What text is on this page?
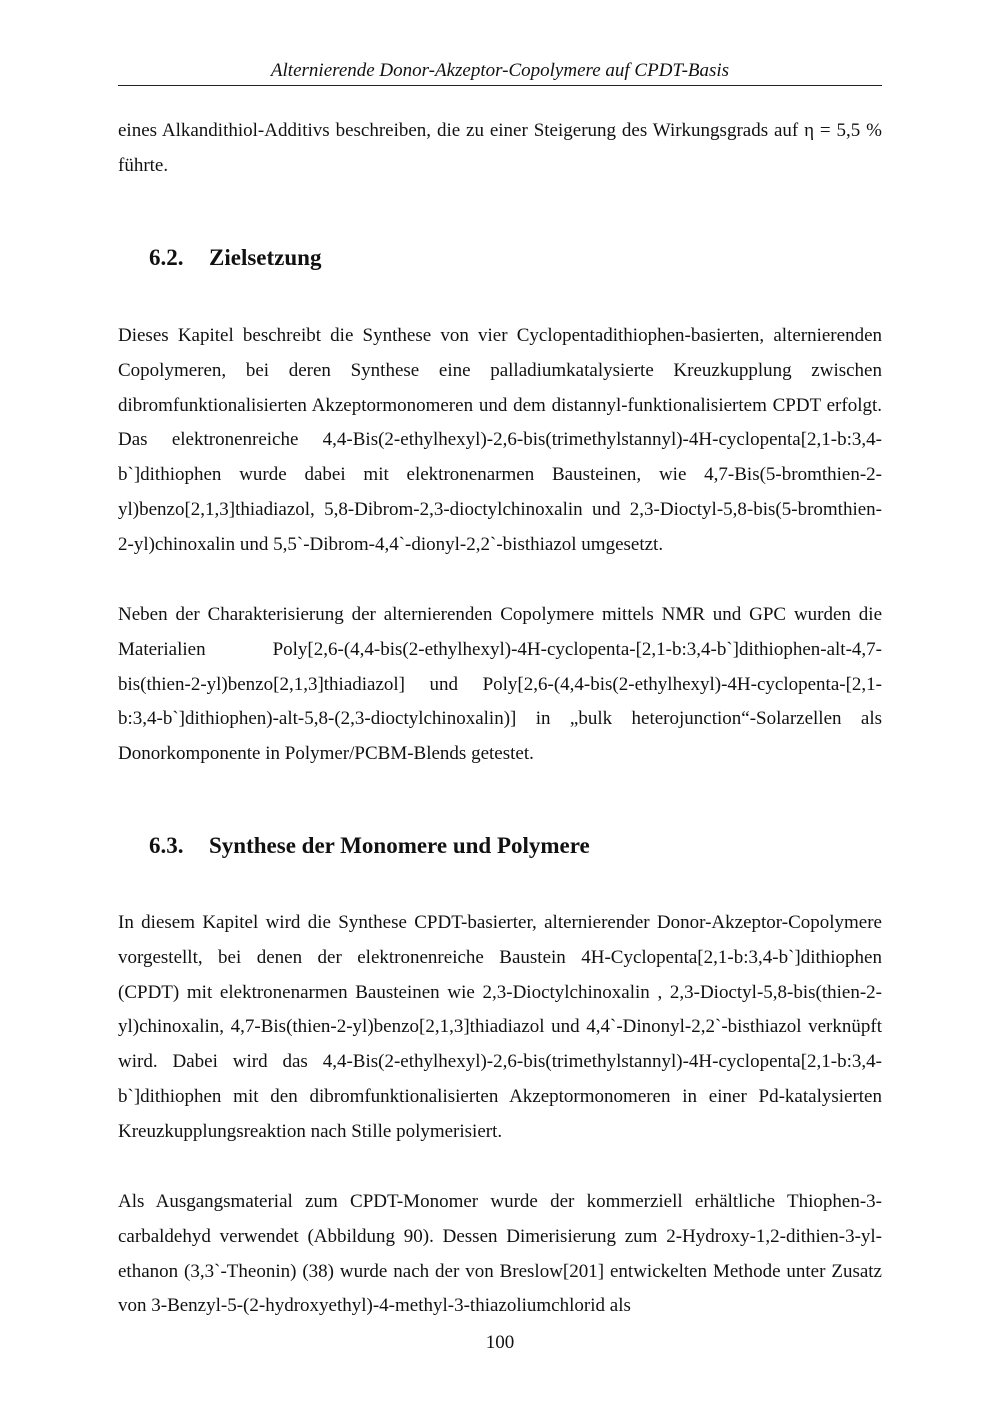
Alternierende Donor-Akzeptor-Copolymere auf CPDT-Basis

eines Alkandithiol-Additivs beschreiben, die zu einer Steigerung des Wirkungsgrads auf η = 5,5 % führte.

6.2. Zielsetzung

Dieses Kapitel beschreibt die Synthese von vier Cyclopentadithiophen-basierten, alternierenden Copolymeren, bei deren Synthese eine palladiumkatalysierte Kreuzkupplung zwischen dibromfunktionalisierten Akzeptormonomeren und dem distannyl-funktionalisiertem CPDT erfolgt. Das elektronenreiche 4,4-Bis(2-ethylhexyl)-2,6-bis(trimethylstannyl)-4H-cyclopenta[2,1-b:3,4-b`]dithiophen wurde dabei mit elektronenarmen Bausteinen, wie 4,7-Bis(5-bromthien-2-yl)benzo[2,1,3]thiadiazol, 5,8-Dibrom-2,3-dioctylchinoxalin und 2,3-Dioctyl-5,8-bis(5-bromthien-2-yl)chinoxalin und 5,5`-Dibrom-4,4`-dionyl-2,2`-bisthiazol umgesetzt.

Neben der Charakterisierung der alternierenden Copolymere mittels NMR und GPC wurden die Materialien Poly[2,6-(4,4-bis(2-ethylhexyl)-4H-cyclopenta-[2,1-b:3,4-b`]dithiophen-alt-4,7-bis(thien-2-yl)benzo[2,1,3]thiadiazol] und Poly[2,6-(4,4-bis(2-ethylhexyl)-4H-cyclopenta-[2,1-b:3,4-b`]dithiophen)-alt-5,8-(2,3-dioctylchinoxalin)] in „bulk heterojunction“-Solarzellen als Donorkomponente in Polymer/PCBM-Blends getestet.

6.3. Synthese der Monomere und Polymere

In diesem Kapitel wird die Synthese CPDT-basierter, alternierender Donor-Akzeptor-Copolymere vorgestellt, bei denen der elektronenreiche Baustein 4H-Cyclopenta[2,1-b:3,4-b`]dithiophen (CPDT) mit elektronenarmen Bausteinen wie 2,3-Dioctylchinoxalin , 2,3-Dioctyl-5,8-bis(thien-2-yl)chinoxalin, 4,7-Bis(thien-2-yl)benzo[2,1,3]thiadiazol und 4,4`-Dinonyl-2,2`-bisthiazol verknüpft wird. Dabei wird das 4,4-Bis(2-ethylhexyl)-2,6-bis(trimethylstannyl)-4H-cyclopenta[2,1-b:3,4-b`]dithiophen mit den dibromfunktionalisierten Akzeptormonomeren in einer Pd-katalysierten Kreuzkupplungsreaktion nach Stille polymerisiert.

Als Ausgangsmaterial zum CPDT-Monomer wurde der kommerziell erhältliche Thiophen-3-carbaldehyd verwendet (Abbildung 90). Dessen Dimerisierung zum 2-Hydroxy-1,2-dithien-3-yl-ethanon (3,3`-Theonin) (38) wurde nach der von Breslow[201] entwickelten Methode unter Zusatz von 3-Benzyl-5-(2-hydroxyethyl)-4-methyl-3-thiazoliumchlorid als

100
